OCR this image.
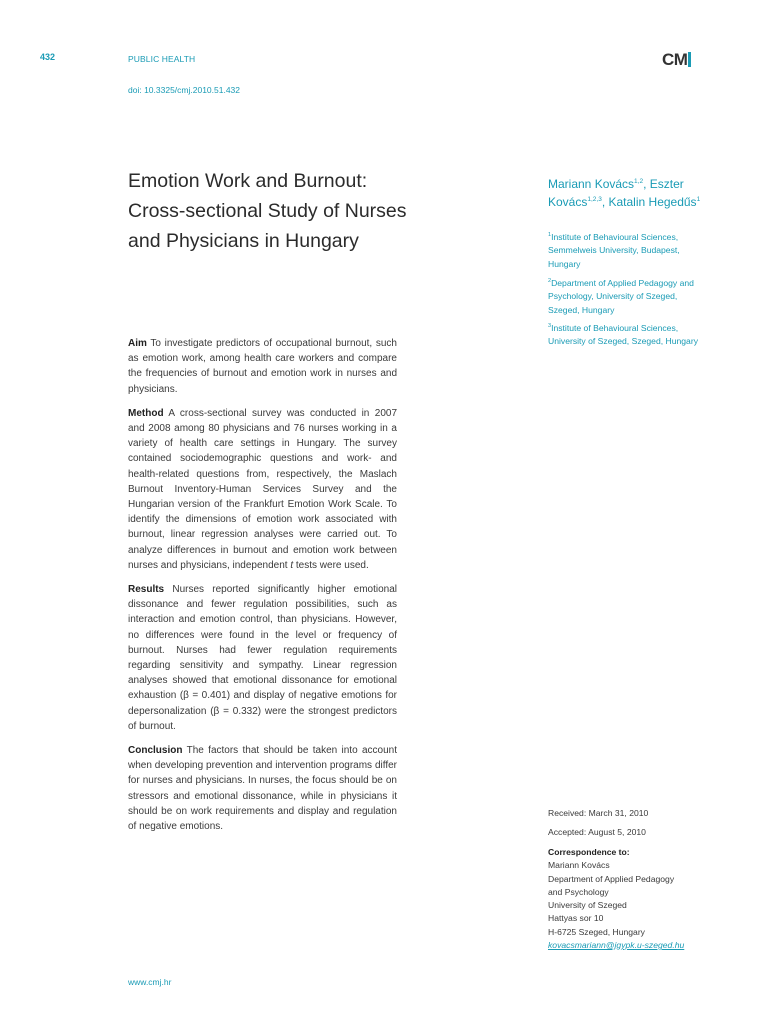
432	PUBLIC HEALTH
doi: 10.3325/cmj.2010.51.432
CM
Emotion Work and Burnout: Cross-sectional Study of Nurses and Physicians in Hungary

Aim To investigate predictors of occupational burnout, such as emotion work, among health care workers and compare the frequencies of burnout and emotion work in nurses and physicians.

Method A cross-sectional survey was conducted in 2007 and 2008 among 80 physicians and 76 nurses working in a variety of health care settings in Hungary. The survey contained sociodemographic questions and work- and health-related questions from, respectively, the Maslach Burnout Inventory-Human Services Survey and the Hungarian version of the Frankfurt Emotion Work Scale. To identify the dimensions of emotion work associated with burnout, linear regression analyses were carried out. To analyze differences in burnout and emotion work between nurses and physicians, independent t tests were used.

Results Nurses reported significantly higher emotional dissonance and fewer regulation possibilities, such as interaction and emotion control, than physicians. However, no differences were found in the level or frequency of burnout. Nurses had fewer regulation requirements regarding sensitivity and sympathy. Linear regression analyses showed that emotional dissonance for emotional exhaustion (β = 0.401) and display of negative emotions for depersonalization (β = 0.332) were the strongest predictors of burnout.

Conclusion The factors that should be taken into account when developing prevention and intervention programs differ for nurses and physicians. In nurses, the focus should be on stressors and emotional dissonance, while in physicians it should be on work requirements and display and regulation of negative emotions.

Mariann Kovács$^{1,2}$, Eszter Kovács$^{1,2,3}$, Katalin Hegedűs$^1$
$^1$Institute of Behavioural Sciences, Semmelweis University, Budapest, Hungary
$^2$Department of Applied Pedagogy and Psychology, University of Szeged, Szeged, Hungary
$^3$Institute of Behavioural Sciences, University of Szeged, Szeged, Hungary
Received: March 31, 2010
Accepted: August 5, 2010
Correspondence to:
Mariann Kovács
Department of Applied Pedagogy
and Psychology
University of Szeged
Hattyas sor 10
H-6725 Szeged, Hungary
kovacsmariann@jgypk.u-szeged.hu
www.cmj.hr
